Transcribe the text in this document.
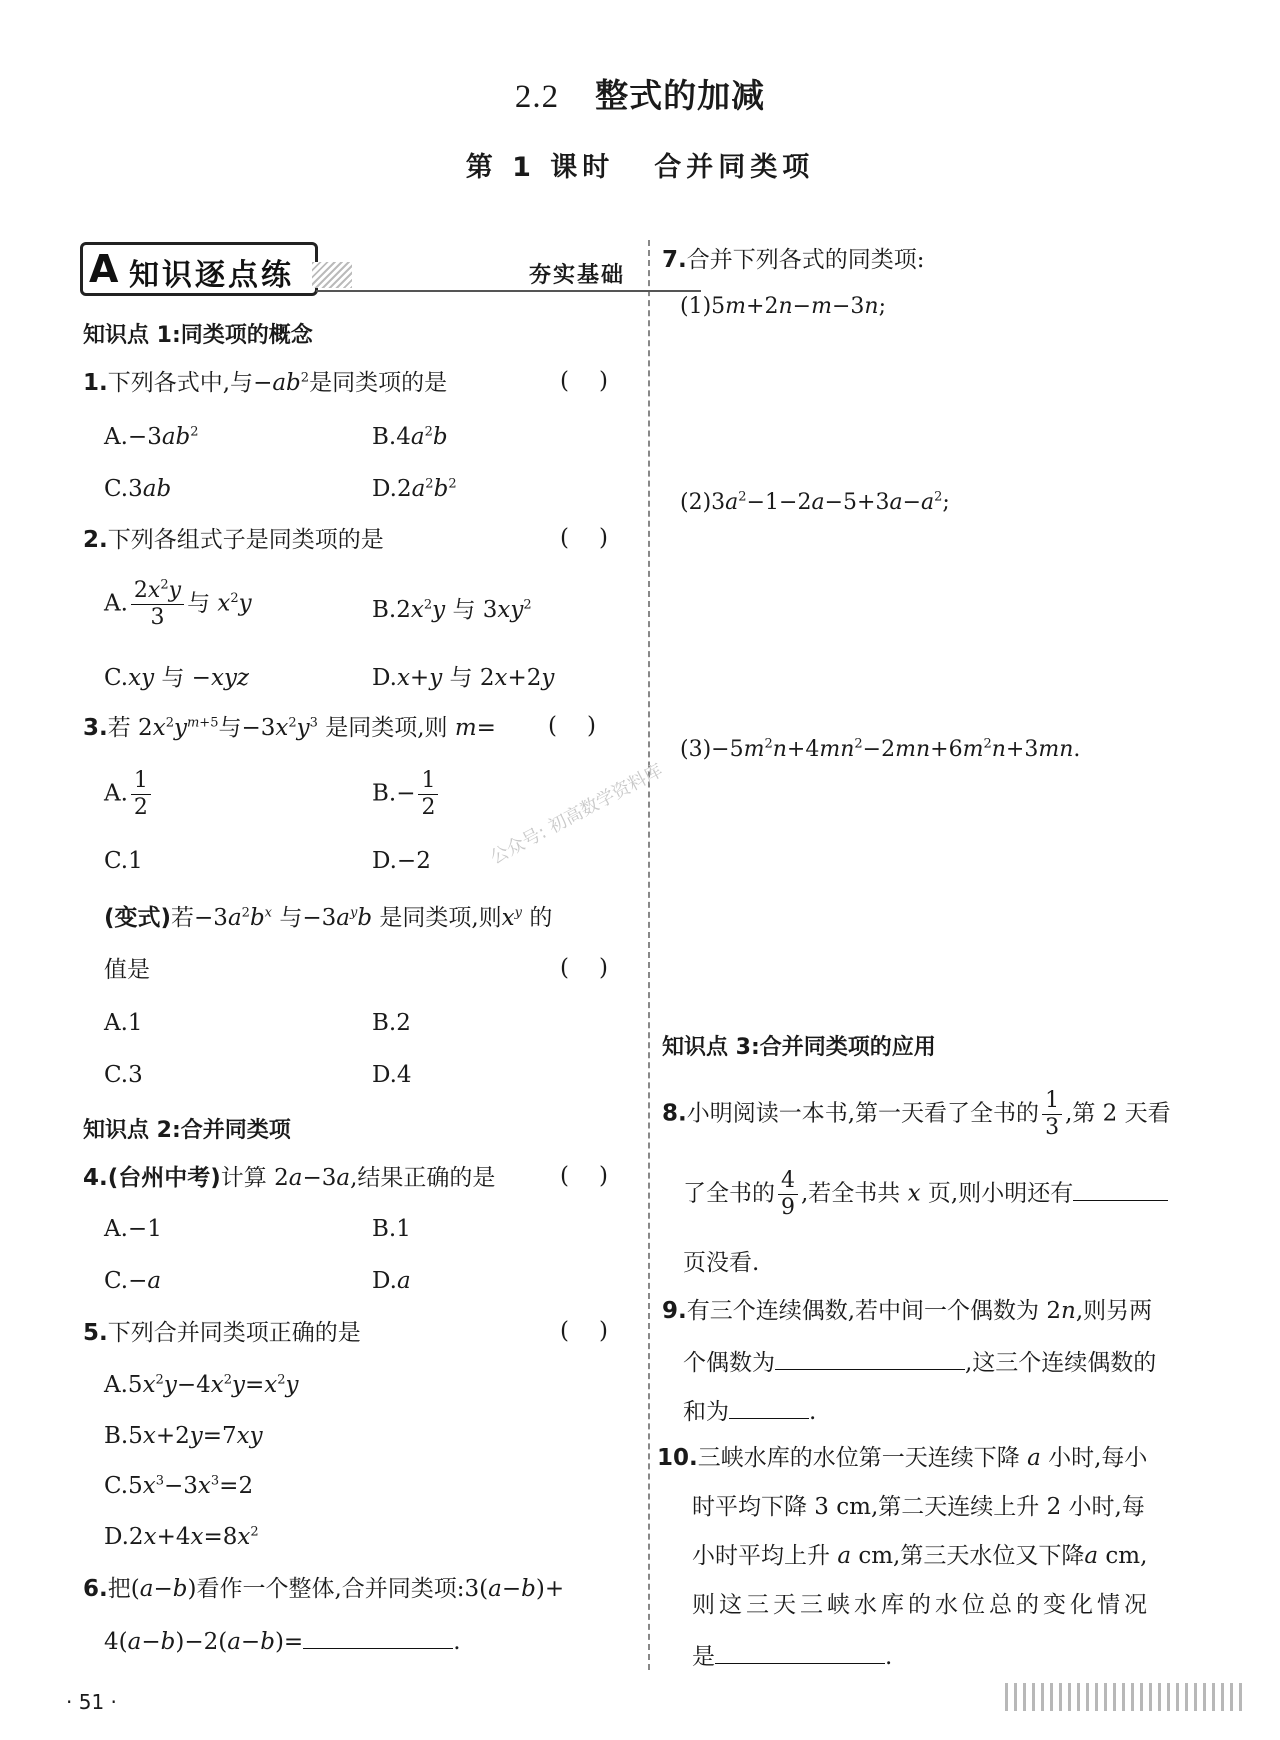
2.2 整式的加减
第 1 课时 合并同类项
A 知识逐点练	夯实基础
知识点 1:同类项的概念
1.下列各式中,与$-ab^2$是同类项的是	()
$A.-3ab^2$	$B.4a^2b$
C.3ab	$D.2a^2b^2$
2.下列各组式子是同类项的是	()
A. $\frac{2x^2y}{3}$ 与 $x^2y$	$B.2x^2y$ 与 $3xy^2$
C.xy 与 −xyz	D.x+y 与 2x+2y
3.若 $2x^2y^{m+5}$与$-3x^2y^3$ 是同类项,则 m= ()
A. $\frac{1}{2}$	$B.- \frac{1}{2}$
C.1	D.−2
(变式)若$-3a^2b^x$ 与$-3a^yb$ 是同类项,则$x^y$ 的
值是	()
A.1	B.2
C.3	D.4
知识点 2:合并同类项
4.(台州中考)计算 2a−3a,结果正确的是	()
A.−1	B.1
C.−a	D.a
5.下列合并同类项正确的是	()
$A.5x^2y-4x^2y=x^2y$
B.5x+2y=7xy
$C.5x^3-3x^3=2$
$D.2x+4x=8x^2$
6.把(a−b)看作一个整体,合并同类项:3(a−b)+
4(a−b)−2(a−b)=	.
· 51 ·
7.合并下列各式的同类项:
(1)5m+2n−m−3n;
$(2)3a^2-1-2a-5+3a-a^2$;
$(3)-5m^2n+4mn^2-2mn+6m^2n+3mn$.
知识点 3:合并同类项的应用
8.小明阅读一本书,第一天看了全书的 $\frac{1}{3}$ ,第 2 天看
了全书的 $\frac{4}{9}$ ,若全书共 x 页,则小明还有
页没看.
9.有三个连续偶数,若中间一个偶数为 2n,则另两
个偶数为	,这三个连续偶数的
和为	.
10.三峡水库的水位第一天连续下降 a 小时,每小
时平均下降 3 cm,第二天连续上升 2 小时,每
小时平均上升 a cm,第三天水位又下降a cm,
则这三天三峡水库的水位总的变化情况
是	.
公众号: 初高数学资料库
